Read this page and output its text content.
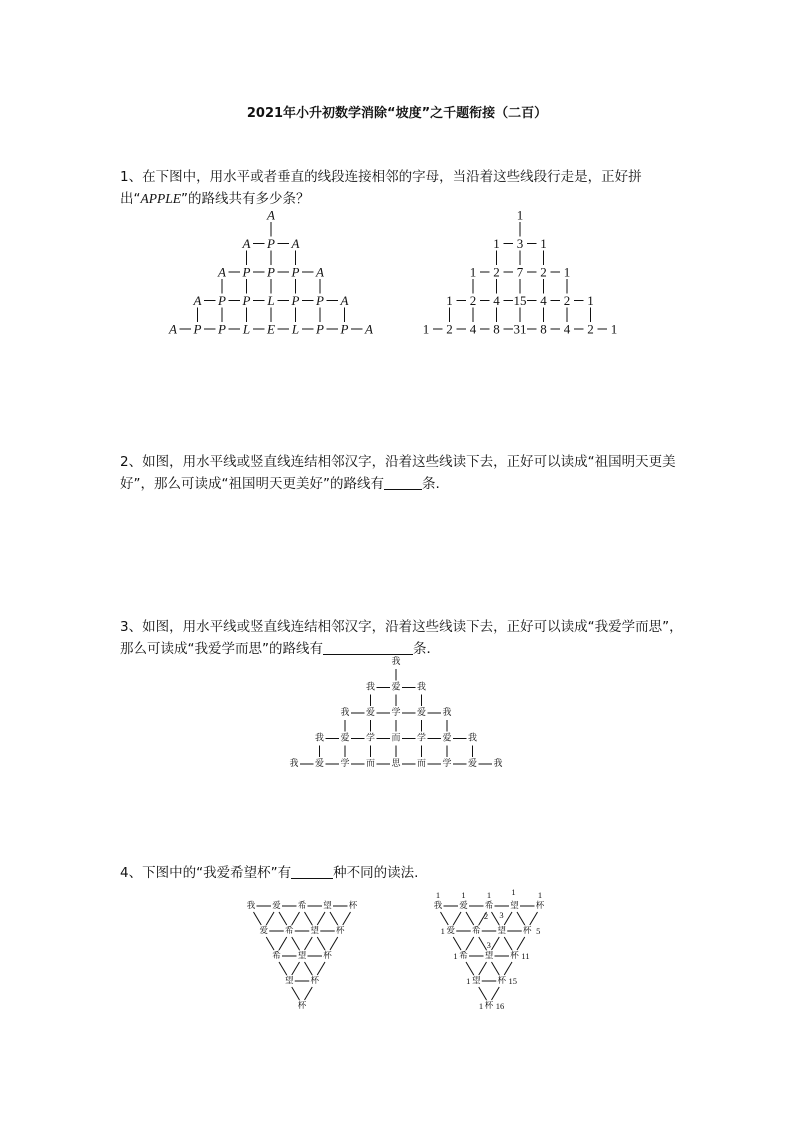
2021年小升初数学消除“坡度”之千题衔接（二百）
1、在下图中，用水平或者垂直的线段连接相邻的字母，当沿着这些线段行走是，正好拼出“APPLE”的路线共有多少条？
2、如图，用水平线或竖直线连结相邻汉字，沿着这些线读下去，正好可以读成“祖国明天更美好”，那么可读成“祖国明天更美好”的路线有	条.
3、如图，用水平线或竖直线连结相邻汉字，沿着这些线读下去，正好可以读成“我爱学而思”，那么可读成“我爱学而思”的路线有	条．
4、下图中的“我爱希望杯”有	种不同的读法.
A
A P A
A P P P A
A P P L P P A
A P P L E L P P A
1
1 3 1
1 2 7 2 1
1 2 4 15 4 2 1
1 2 4 8 31 8 4 2 1
我
我 爱 我
我 爱 学 爱 我
我 爱 学 而 学 爱 我
我 爱 学 而 思 而 学 爱 我
我 爱 希 望 杯
爱 希 望 杯
希 望 杯
望 杯
杯
我 爱 希 望 杯
爱 希 望 杯
希 望 杯
望 杯
杯
1	1	1 1	1
1
1
1
1
2 3
3
5
11
15
16
